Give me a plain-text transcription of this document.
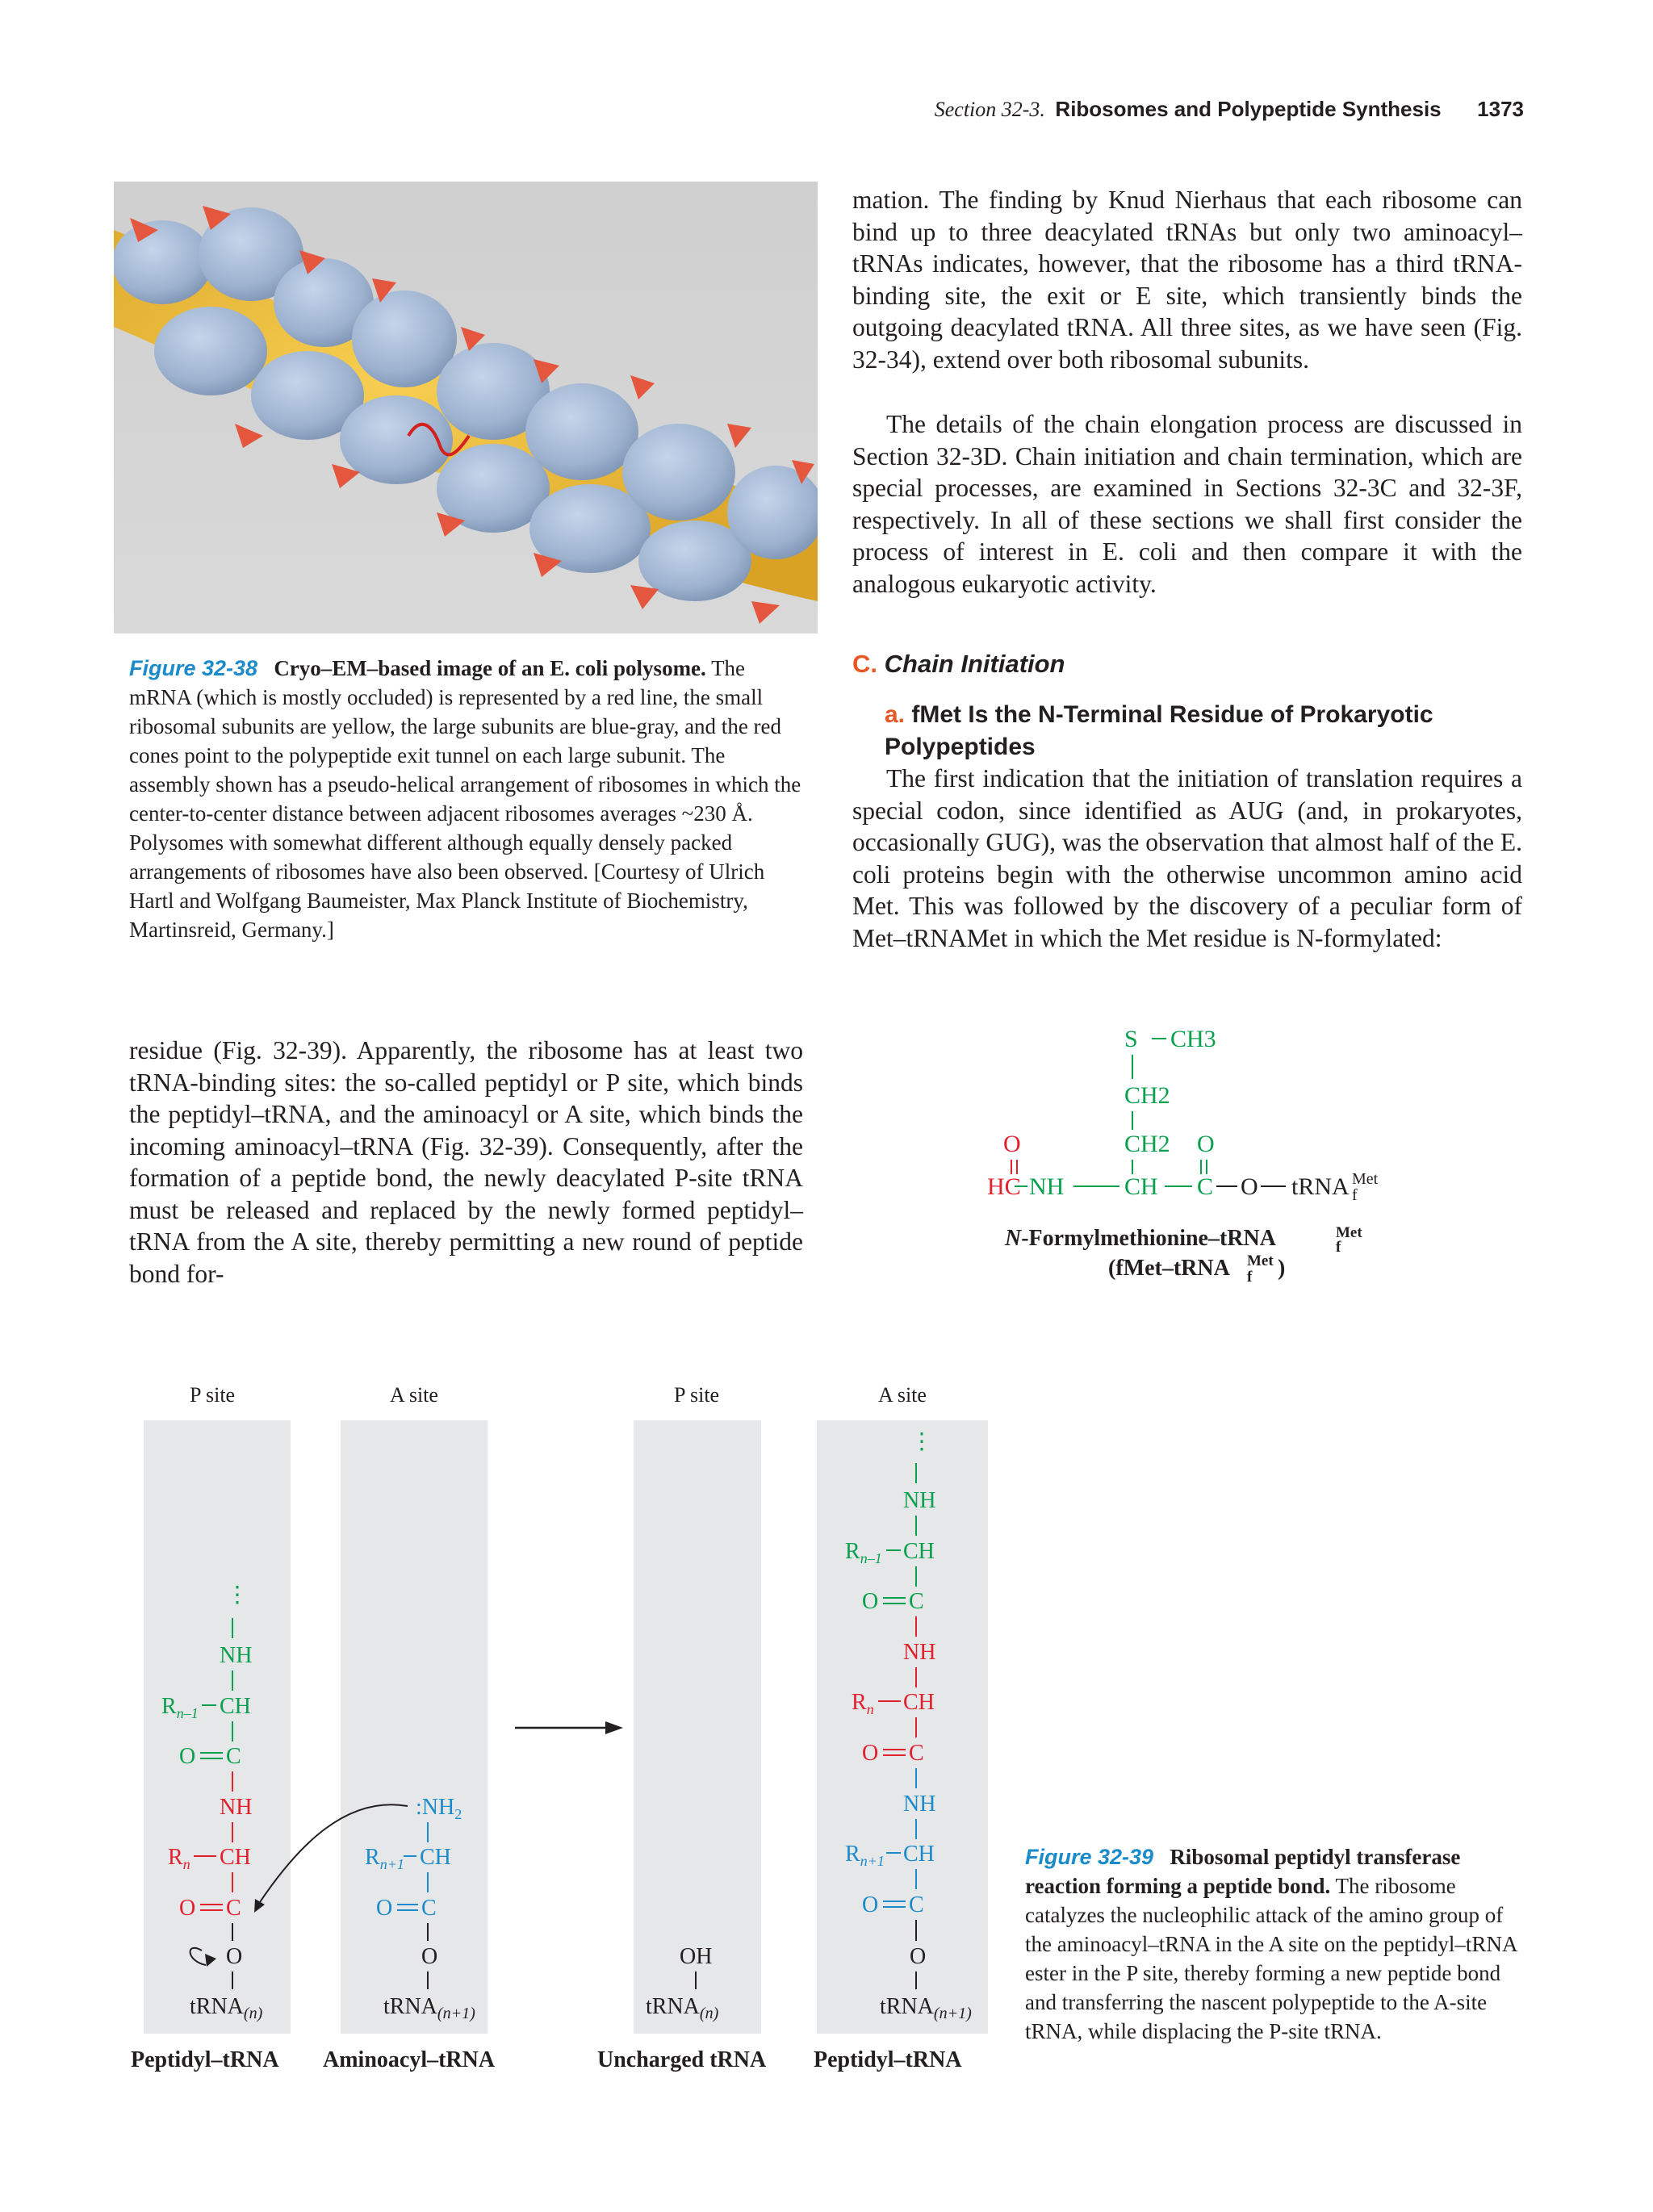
Section 32-3. Ribosomes and Polypeptide Synthesis 1373
Figure 32-38 Cryo–EM–based image of an E. coli polysome. The mRNA (which is mostly occluded) is represented by a red line, the small ribosomal subunits are yellow, the large subunits are blue-gray, and the red cones point to the polypeptide exit tunnel on each large subunit. The assembly shown has a pseudo-helical arrangement of ribosomes in which the center-to-center distance between adjacent ribosomes averages ~230 Å. Polysomes with somewhat different although equally densely packed arrangements of ribosomes have also been observed. [Courtesy of Ulrich Hartl and Wolfgang Baumeister, Max Planck Institute of Biochemistry, Martinsreid, Germany.]
mation. The finding by Knud Nierhaus that each ribosome can bind up to three deacylated tRNAs but only two aminoacyl–tRNAs indicates, however, that the ribosome has a third tRNA-binding site, the exit or E site, which transiently binds the outgoing deacylated tRNA. All three sites, as we have seen (Fig. 32-34), extend over both ribosomal subunits.
The details of the chain elongation process are discussed in Section 32-3D. Chain initiation and chain termination, which are special processes, are examined in Sections 32-3C and 32-3F, respectively. In all of these sections we shall first consider the process of interest in E. coli and then compare it with the analogous eukaryotic activity.
C. Chain Initiation
a. fMet Is the N-Terminal Residue of Prokaryotic Polypeptides
The first indication that the initiation of translation requires a special codon, since identified as AUG (and, in prokaryotes, occasionally GUG), was the observation that almost half of the E. coli proteins begin with the otherwise uncommon amino acid Met. This was followed by the discovery of a peculiar form of Met–tRNAMet in which the Met residue is N-formylated:
residue (Fig. 32-39). Apparently, the ribosome has at least two tRNA-binding sites: the so-called peptidyl or P site, which binds the peptidyl–tRNA, and the aminoacyl or A site, which binds the incoming aminoacyl–tRNA (Fig. 32-39). Consequently, after the formation of a peptide bond, the newly deacylated P-site tRNA must be released and replaced by the newly formed peptidyl–tRNA from the A site, thereby permitting a new round of peptide bond for-
S CH3
CH2
CH2 O
NH CH C O tRNA Met
f
O
HC
N-Formylmethionine–tRNA	Met
f
(fMet–tRNA Met
f )
P site	A site	P site	A site
⋮
NH
$R_{n-1}$ CH
O C
NH
$R_n$ CH
O C
O
tRNA$_{(n)}$
$:NH_2$
$R_{n+1}$ CH
O C
O
tRNA$_{(n+1)}$
OH
tRNA$_{(n)}$
⋮
NH
$R_{n-1}$ CH
O C
NH
$R_n$ CH
O C
NH
$R_{n+1}$ CH
O C
O
tRNA$_{(n+1)}$
Peptidyl–tRNA Aminoacyl–tRNA	Uncharged tRNA Peptidyl–tRNA
Figure 32-39 Ribosomal peptidyl transferase reaction forming a peptide bond. The ribosome catalyzes the nucleophilic attack of the amino group of the aminoacyl–tRNA in the A site on the peptidyl–tRNA ester in the P site, thereby forming a new peptide bond and transferring the nascent polypeptide to the A-site tRNA, while displacing the P-site tRNA.
